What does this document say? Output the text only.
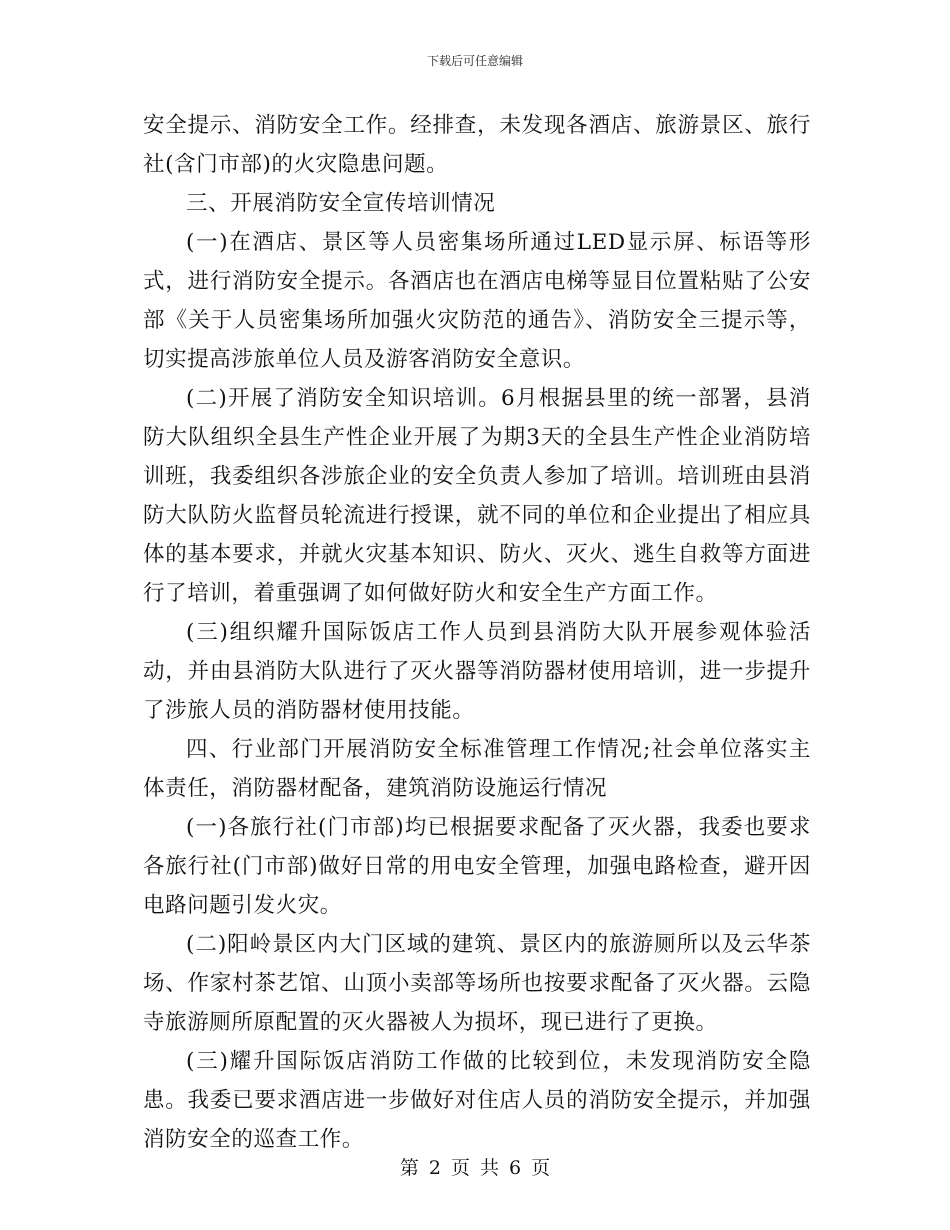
下载后可任意编辑

安全提示、消防安全工作。经排查，未发现各酒店、旅游景区、旅行社(含门市部)的火灾隐患问题。

三、开展消防安全宣传培训情况

(一)在酒店、景区等人员密集场所通过LED显示屏、标语等形式，进行消防安全提示。各酒店也在酒店电梯等显目位置粘贴了公安部《关于人员密集场所加强火灾防范的通告》、消防安全三提示等，切实提高涉旅单位人员及游客消防安全意识。

(二)开展了消防安全知识培训。6月根据县里的统一部署，县消防大队组织全县生产性企业开展了为期3天的全县生产性企业消防培训班，我委组织各涉旅企业的安全负责人参加了培训。培训班由县消防大队防火监督员轮流进行授课，就不同的单位和企业提出了相应具体的基本要求，并就火灾基本知识、防火、灭火、逃生自救等方面进行了培训，着重强调了如何做好防火和安全生产方面工作。

(三)组织耀升国际饭店工作人员到县消防大队开展参观体验活动，并由县消防大队进行了灭火器等消防器材使用培训，进一步提升了涉旅人员的消防器材使用技能。

四、行业部门开展消防安全标准管理工作情况;社会单位落实主体责任，消防器材配备，建筑消防设施运行情况

(一)各旅行社(门市部)均已根据要求配备了灭火器，我委也要求各旅行社(门市部)做好日常的用电安全管理，加强电路检查，避开因电路问题引发火灾。

(二)阳岭景区内大门区域的建筑、景区内的旅游厕所以及云华茶场、作家村茶艺馆、山顶小卖部等场所也按要求配备了灭火器。云隐寺旅游厕所原配置的灭火器被人为损坏，现已进行了更换。

(三)耀升国际饭店消防工作做的比较到位，未发现消防安全隐患。我委已要求酒店进一步做好对住店人员的消防安全提示，并加强消防安全的巡查工作。

第 2 页 共 6 页
